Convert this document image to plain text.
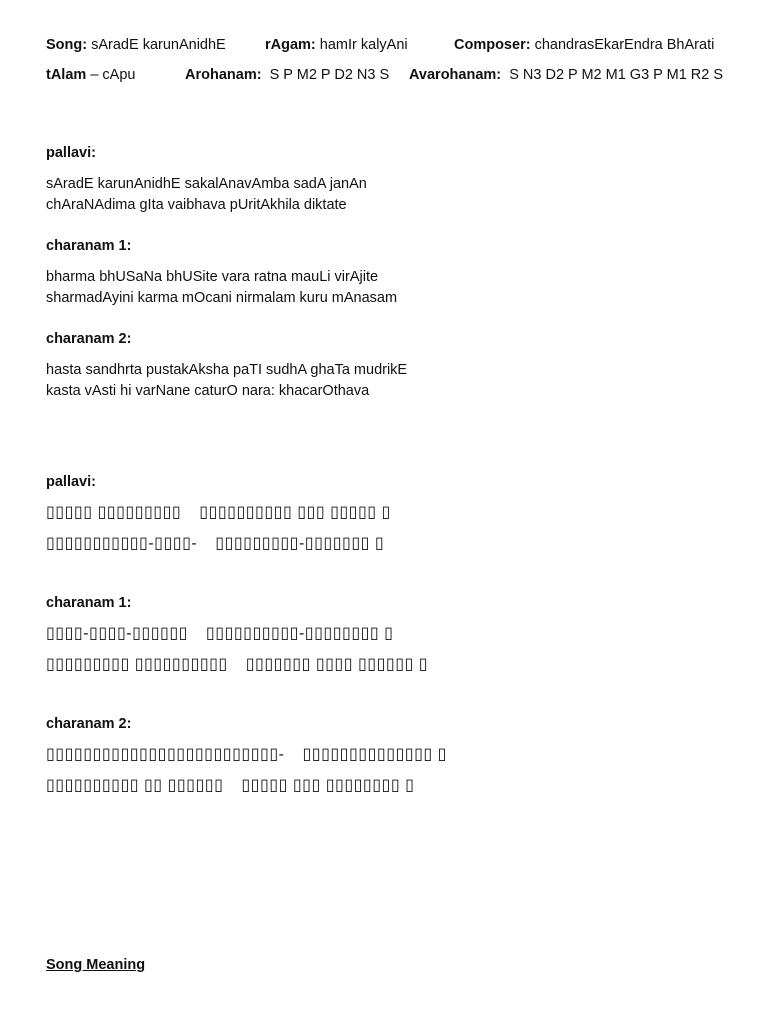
Song: sAradE karunAnidhE	rAgam: hamIr kalyAni	Composer: chandrasEkarEndra BhArati
tAlam – cApu	Arohanam: S P M2 P D2 N3 S Avarohanam: S N3 D2 P M2 M1 G3 P M1 R2 S
pallavi:
sAradE karunAnidhE sakalAnavAmba sadA janAn
chAraNAdima gIta vaibhava pUritAkhila diktate
charanam 1:
bharma bhUSaNa bhUSite vara ratna mauLi virAjite
sharmadAyini karma mOcani nirmalam kuru mAnasam
charanam 2:
hasta sandhrta pustakAksha paTI sudhA ghaTa mudrikE
kasta vAsti hi varNane caturO nara: khacarOthava
pallavi:
▯▯▯▯▯ ▯▯▯▯▯▯▯▯▯ ▯▯▯▯▯▯▯▯▯▯ ▯▯▯ ▯▯▯▯▯ ▯
▯▯▯▯▯▯▯▯▯▯▯-▯▯▯▯- ▯▯▯▯▯▯▯▯▯-▯▯▯▯▯▯▯ ▯
charanam 1:
▯▯▯▯-▯▯▯▯-▯▯▯▯▯▯ ▯▯▯▯▯▯▯▯▯▯-▯▯▯▯▯▯▯▯ ▯
▯▯▯▯▯▯▯▯▯ ▯▯▯▯▯▯▯▯▯▯ ▯▯▯▯▯▯▯ ▯▯▯▯ ▯▯▯▯▯▯ ▯
charanam 2:
▯▯▯▯▯▯▯▯▯▯▯▯▯▯▯▯▯▯▯▯▯▯▯▯▯- ▯▯▯▯▯▯▯▯▯▯▯▯▯▯ ▯
▯▯▯▯▯▯▯▯▯▯ ▯▯ ▯▯▯▯▯▯ ▯▯▯▯▯ ▯▯▯ ▯▯▯▯▯▯▯▯ ▯
Song Meaning
